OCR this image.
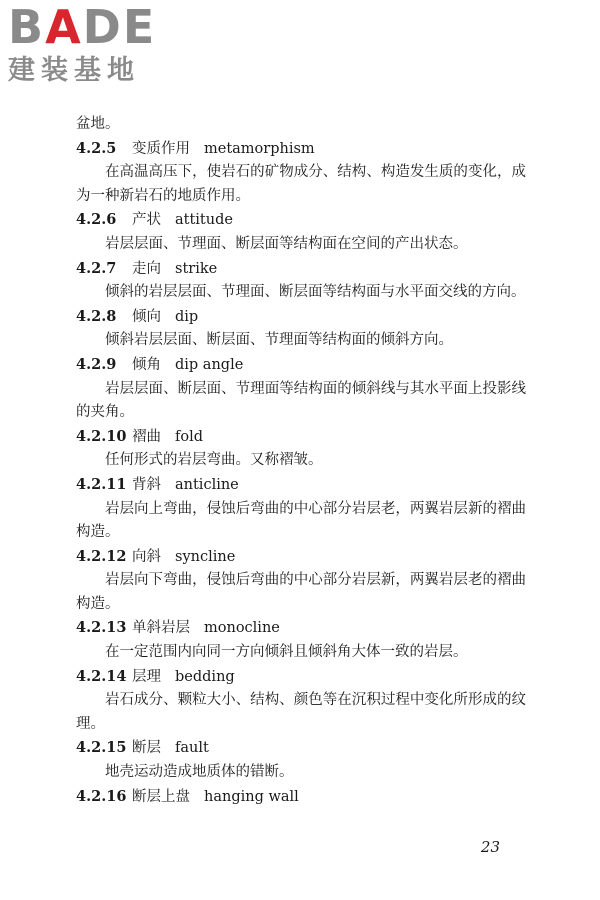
BADE
建装基地
盆地。
4.2.5 变质作用 metamorphism
在高温高压下，使岩石的矿物成分、结构、构造发生质的变化，成为一种新岩石的地质作用。
4.2.6 产状 attitude
岩层层面、节理面、断层面等结构面在空间的产出状态。
4.2.7 走向 strike
倾斜的岩层层面、节理面、断层面等结构面与水平面交线的方向。
4.2.8 倾向 dip
倾斜岩层层面、断层面、节理面等结构面的倾斜方向。
4.2.9 倾角 dip angle
岩层层面、断层面、节理面等结构面的倾斜线与其水平面上投影线的夹角。
4.2.10 褶曲 fold
任何形式的岩层弯曲。又称褶皱。
4.2.11 背斜 anticline
岩层向上弯曲，侵蚀后弯曲的中心部分岩层老，两翼岩层新的褶曲构造。
4.2.12 向斜 syncline
岩层向下弯曲，侵蚀后弯曲的中心部分岩层新，两翼岩层老的褶曲构造。
4.2.13 单斜岩层 monocline
在一定范围内向同一方向倾斜且倾斜角大体一致的岩层。
4.2.14 层理 bedding
岩石成分、颗粒大小、结构、颜色等在沉积过程中变化所形成的纹理。
4.2.15 断层 fault
地壳运动造成地质体的错断。
4.2.16 断层上盘 hanging wall
23
